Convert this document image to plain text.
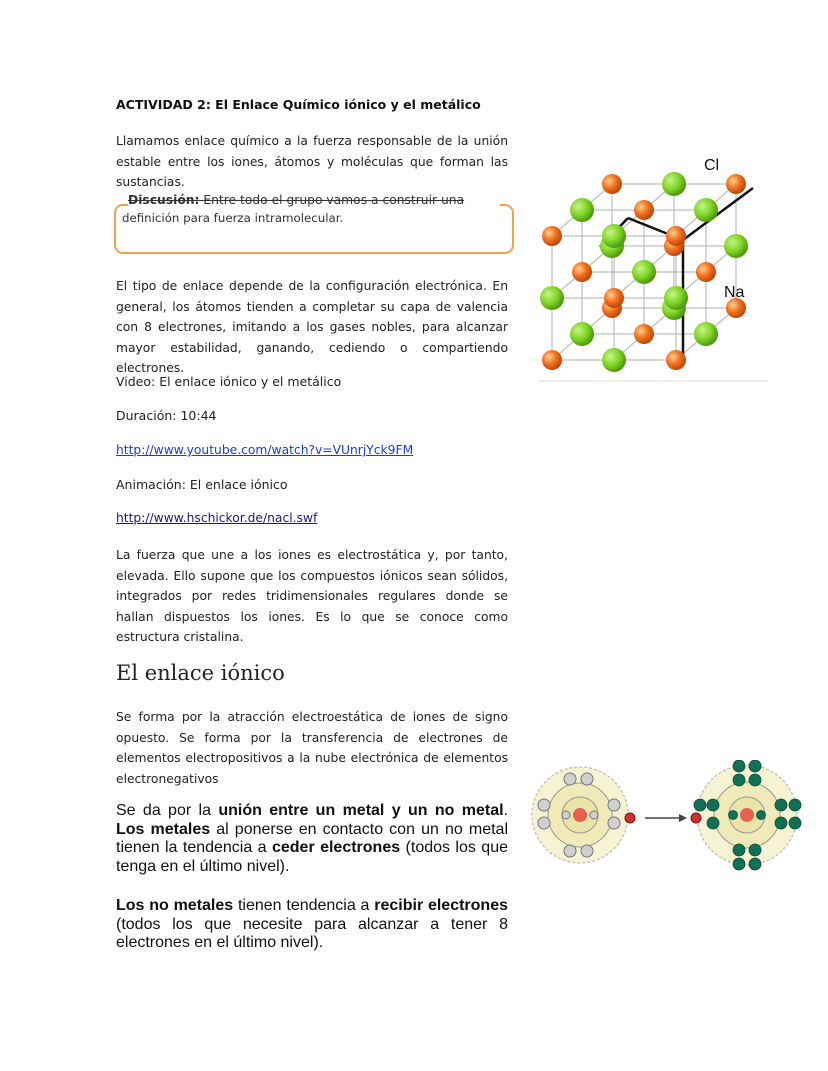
ACTIVIDAD 2: El Enlace Químico iónico y el metálico
Llamamos enlace químico a la fuerza responsable de la unión estable entre los iones, átomos y moléculas que forman las sustancias.
Discusión: Entre todo el grupo vamos a construir una
definición para fuerza intramolecular.
El tipo de enlace depende de la configuración electrónica. En general, los átomos tienden a completar su capa de valencia con 8 electrones, imitando a los gases nobles, para alcanzar mayor estabilidad, ganando, cediendo o compartiendo electrones.
Video: El enlace iónico y el metálico
Duración: 10:44
http://www.youtube.com/watch?v=VUnrjYck9FM
Animación: El enlace iónico
http://www.hschickor.de/nacl.swf
La fuerza que une a los iones es electrostática y, por tanto, elevada. Ello supone que los compuestos iónicos sean sólidos, integrados por redes tridimensionales regulares donde se hallan dispuestos los iones. Es lo que se conoce como estructura cristalina.
El enlace iónico
Se forma por la atracción electroestática de iones de signo opuesto. Se forma por la transferencia de electrones de elementos electropositivos a la nube electrónica de elementos electronegativos
Se da por la unión entre un metal y un no metal. Los metales al ponerse en contacto con un no metal tienen la tendencia a ceder electrones (todos los que tenga en el último nivel).
Los no metales tienen tendencia a recibir electrones (todos los que necesite para alcanzar a tener 8 electrones en el último nivel).
Cl
Na
